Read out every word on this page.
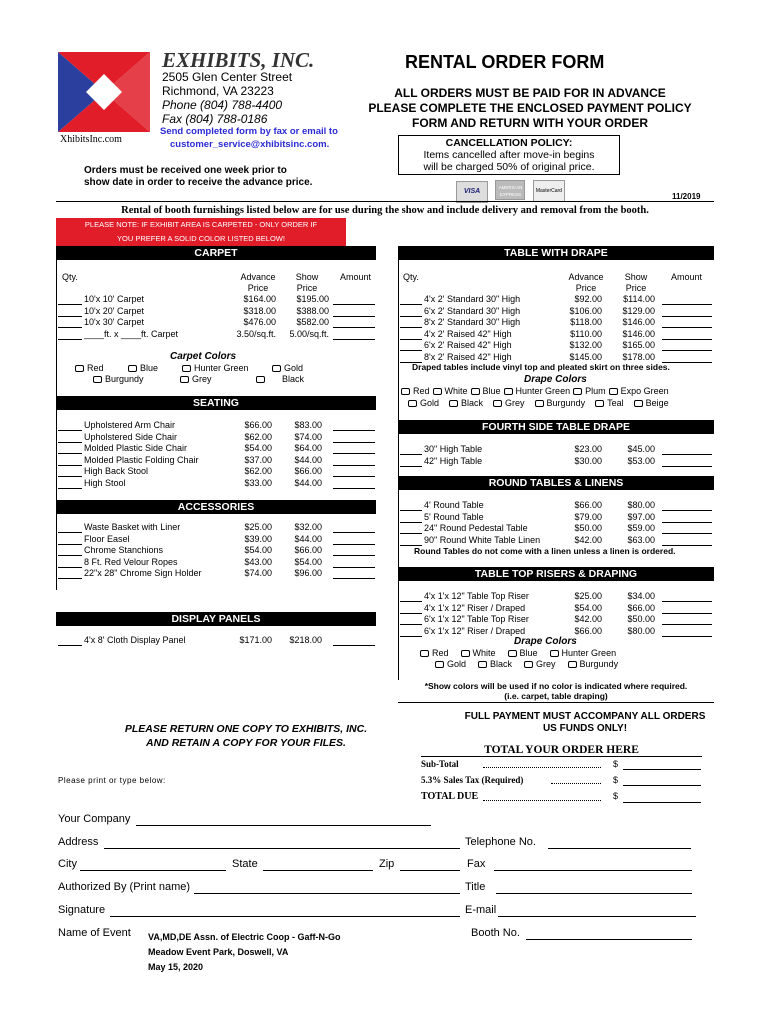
XhibitsInc.com
EXHIBITS, INC.
2505 Glen Center Street
Richmond, VA 23223
Phone (804) 788-4400
Fax (804) 788-0186
Send completed form by fax or email to
customer_service@xhibitsinc.com.
Orders must be received one week prior to
show date in order to receive the advance price.
RENTAL ORDER FORM
ALL ORDERS MUST BE PAID FOR IN ADVANCE
PLEASE COMPLETE THE ENCLOSED PAYMENT POLICY
FORM AND RETURN WITH YOUR ORDER
CANCELLATION POLICY:
Items cancelled after move-in begins
will be charged 50% of original price.
VISA AMERICAN EXPRESS MasterCard
11/2019
Rental of booth furnishings listed below are for use during the show and include delivery and removal from the booth.
PLEASE NOTE: IF EXHIBIT AREA IS CARPETED - ONLY ORDER IF
YOU PREFER A SOLID COLOR LISTED BELOW!
CARPET
Qty.	Advance
Price
Show
Price
Amount
10'x 10' Carpet	$164.00	$195.00
10'x 20' Carpet	$318.00	$388.00
10'x 30' Carpet	$476.00	$582.00
____ft. x ____ft. Carpet	3.50/sq.ft.	5.00/sq.ft.
Carpet Colors
Red	Blue	Hunter Green	Gold
Burgundy	Grey	Black
SEATING
Upholstered Arm Chair	$66.00	$83.00
Upholstered Side Chair	$62.00	$74.00
Molded Plastic Side Chair	$54.00	$64.00
Molded Plastic Folding Chair	$37.00	$44.00
High Back Stool	$62.00	$66.00
High Stool	$33.00	$44.00
ACCESSORIES
Waste Basket with Liner	$25.00	$32.00
Floor Easel	$39.00	$44.00
Chrome Stanchions	$54.00	$66.00
8 Ft. Red Velour Ropes	$43.00	$54.00
22"x 28" Chrome Sign Holder	$74.00	$96.00
DISPLAY PANELS
4'x 8' Cloth Display Panel	$171.00	$218.00
TABLE WITH DRAPE
Qty.	Advance
Price
Show
Price
Amount
4'x 2' Standard 30" High	$92.00	$114.00
6'x 2' Standard 30" High	$106.00	$129.00
8'x 2' Standard 30" High	$118.00	$146.00
4'x 2' Raised 42" High	$110.00	$146.00
6'x 2' Raised 42" High	$132.00	$165.00
8'x 2' Raised 42" High	$145.00	$178.00
Draped tables include vinyl top and pleated skirt on three sides.
Drape Colors
Red White Blue Hunter Green Plum Expo Green
Gold Black Grey Burgundy Teal Beige
FOURTH SIDE TABLE DRAPE
30" High Table	$23.00	$45.00
42" High Table	$30.00	$53.00
ROUND TABLES & LINENS
4' Round Table	$66.00	$80.00
5' Round Table	$79.00	$97.00
24" Round Pedestal Table	$50.00	$59.00
90" Round White Table Linen	$42.00	$63.00
Round Tables do not come with a linen unless a linen is ordered.
TABLE TOP RISERS & DRAPING
4'x 1'x 12" Table Top Riser	$25.00	$34.00
4'x 1'x 12" Riser / Draped	$54.00	$66.00
6'x 1'x 12" Table Top Riser	$42.00	$50.00
6'x 1'x 12" Riser / Draped	$66.00	$80.00
Drape Colors
Red	White	Blue	Hunter Green
Gold	Black	Grey	Burgundy
*Show colors will be used if no color is indicated where required.
(i.e. carpet, table draping)
PLEASE RETURN ONE COPY TO EXHIBITS, INC.
AND RETAIN A COPY FOR YOUR FILES.
FULL PAYMENT MUST ACCOMPANY ALL ORDERS
US FUNDS ONLY!
Please print or type below:
TOTAL YOUR ORDER HERE
Sub-Total	$
5.3% Sales Tax (Required)	$
TOTAL DUE	$
Your Company
Address	Telephone No.
City	State	Zip	Fax
Authorized By (Print name)	Title
Signature	E-mail
Name of Event VA,MD,DE Assn. of Electric Coop - Gaff-N-Go
Meadow Event Park, Doswell, VA
May 15, 2020
Booth No.
